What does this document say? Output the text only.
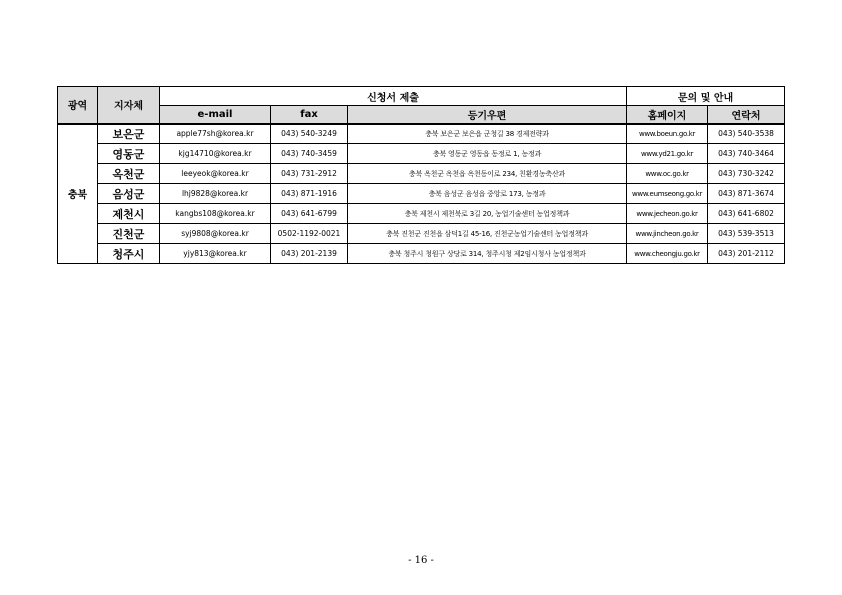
광역	지자체	신청서 제출			문의 및 안내	
		e-mail	fax	등기우편	홈페이지	연락처
충북	보은군	apple77sh@korea.kr	043) 540-3249	충북 보은군 보은읍 군청길 38 경제전략과	www.boeun.go.kr	043) 540-3538
	영동군	kjg14710@korea.kr	043) 740-3459	충북 영동군 영동읍 동정로 1, 농정과	www.yd21.go.kr	043) 740-3464
	옥천군	leeyeok@korea.kr	043) 731-2912	충북 옥천군 옥천읍 옥천동이로 234, 친환경농축산과	www.oc.go.kr	043) 730-3242
	음성군	lhj9828@korea.kr	043) 871-1916	충북 음성군 음성읍 중앙로 173, 농정과	www.eumseong.go.kr	043) 871-3674
	제천시	kangbs108@korea.kr	043) 641-6799	충북 제천시 제천북로 3길 20, 농업기술센터 농업정책과	www.jecheon.go.kr	043) 641-6802
	진천군	syj9808@korea.kr	0502-1192-0021	충북 진천군 진천읍 삼덕1길 45-16, 진천군농업기술센터 농업정책과	www.jincheon.go.kr	043) 539-3513
	청주시	yjy813@korea.kr	043) 201-2139	충북 청주시 청원구 상당로 314, 청주시청 제2임시청사 농업정책과	www.cheongju.go.kr	043) 201-2112
- 16 -
